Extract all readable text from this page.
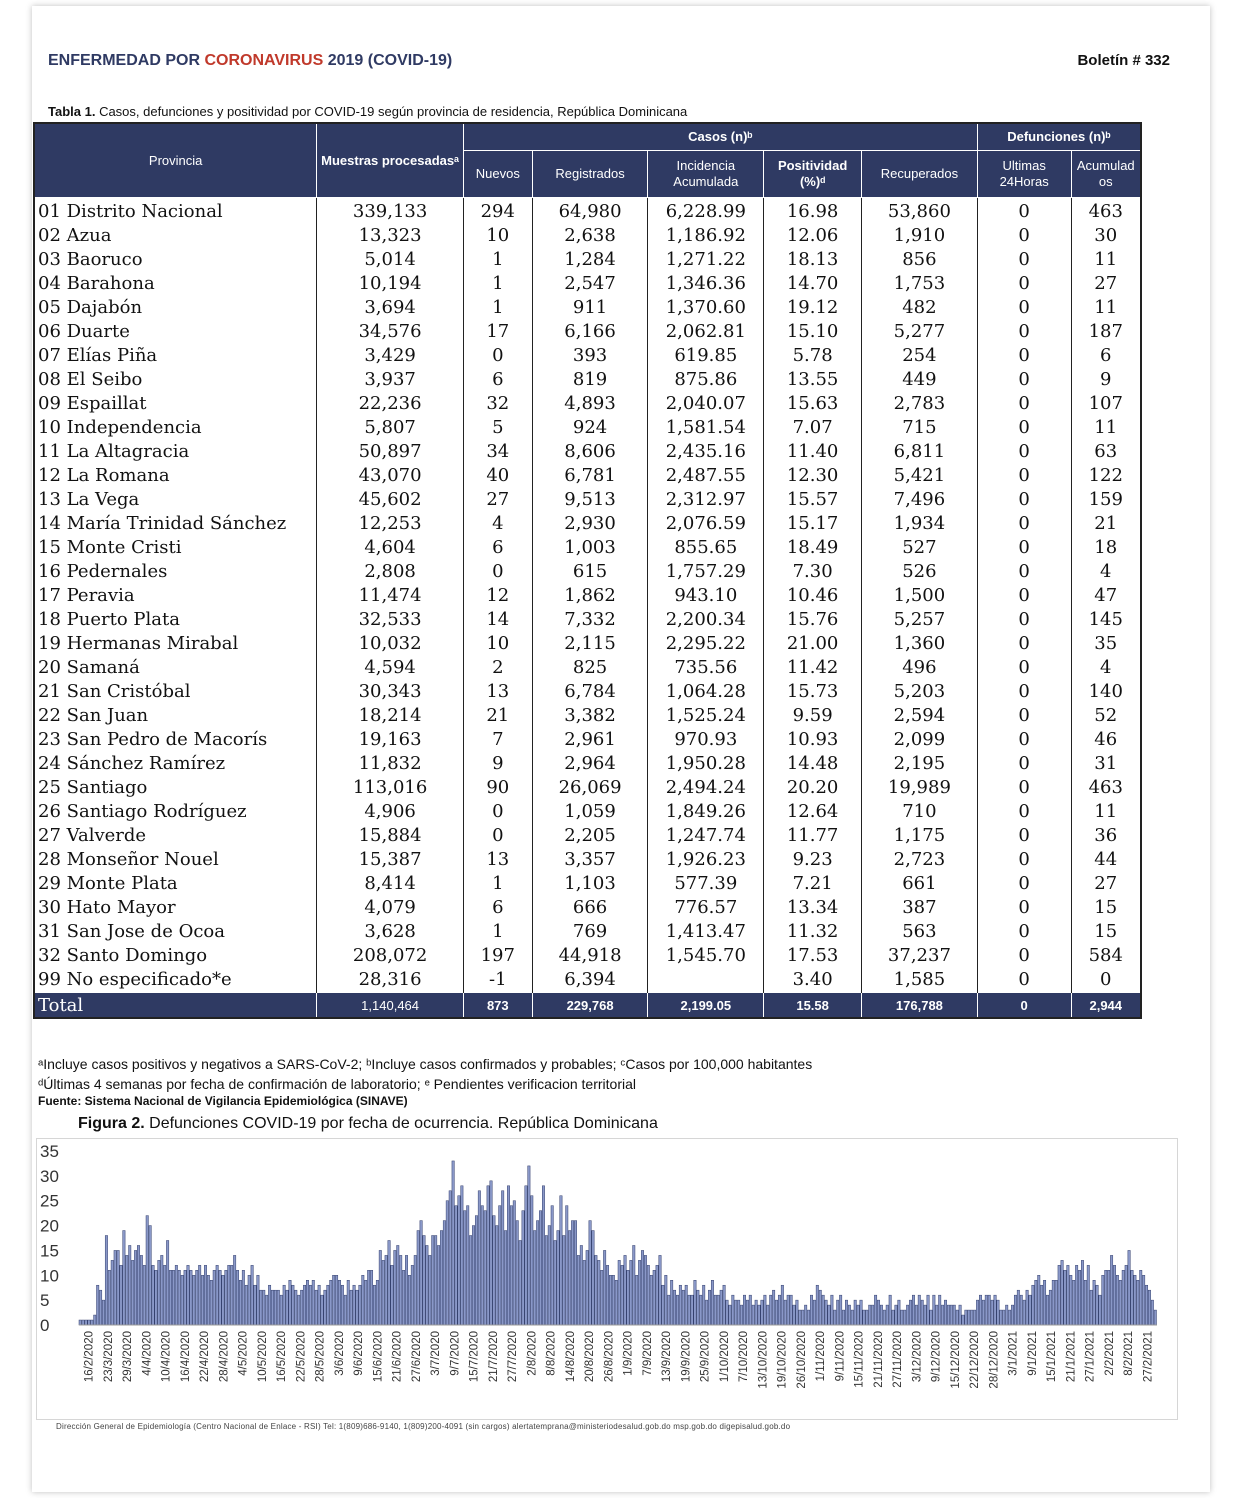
ENFERMEDAD POR CORONAVIRUS 2019 (COVID-19)	Boletín # 332
Tabla 1. Casos, defunciones y positividad por COVID-19 según provincia de residencia, República Dominicana
Provincia	Muestras procesadasᵃ	Casos (n)ᵇ					Defunciones (n)ᵇ	
		Nuevos	Registrados	Incidencia Acumulada	Positividad (%)ᵈ	Recuperados	Ultimas 24Horas	Acumulad os
01 Distrito Nacional	339,133	294	64,980	6,228.99	16.98	53,860	0	463
02 Azua	13,323	10	2,638	1,186.92	12.06	1,910	0	30
03 Baoruco	5,014	1	1,284	1,271.22	18.13	856	0	11
04 Barahona	10,194	1	2,547	1,346.36	14.70	1,753	0	27
05 Dajabón	3,694	1	911	1,370.60	19.12	482	0	11
06 Duarte	34,576	17	6,166	2,062.81	15.10	5,277	0	187
07 Elías Piña	3,429	0	393	619.85	5.78	254	0	6
08 El Seibo	3,937	6	819	875.86	13.55	449	0	9
09 Espaillat	22,236	32	4,893	2,040.07	15.63	2,783	0	107
10 Independencia	5,807	5	924	1,581.54	7.07	715	0	11
11 La Altagracia	50,897	34	8,606	2,435.16	11.40	6,811	0	63
12 La Romana	43,070	40	6,781	2,487.55	12.30	5,421	0	122
13 La Vega	45,602	27	9,513	2,312.97	15.57	7,496	0	159
14 María Trinidad Sánchez	12,253	4	2,930	2,076.59	15.17	1,934	0	21
15 Monte Cristi	4,604	6	1,003	855.65	18.49	527	0	18
16 Pedernales	2,808	0	615	1,757.29	7.30	526	0	4
17 Peravia	11,474	12	1,862	943.10	10.46	1,500	0	47
18 Puerto Plata	32,533	14	7,332	2,200.34	15.76	5,257	0	145
19 Hermanas Mirabal	10,032	10	2,115	2,295.22	21.00	1,360	0	35
20 Samaná	4,594	2	825	735.56	11.42	496	0	4
21 San Cristóbal	30,343	13	6,784	1,064.28	15.73	5,203	0	140
22 San Juan	18,214	21	3,382	1,525.24	9.59	2,594	0	52
23 San Pedro de Macorís	19,163	7	2,961	970.93	10.93	2,099	0	46
24 Sánchez Ramírez	11,832	9	2,964	1,950.28	14.48	2,195	0	31
25 Santiago	113,016	90	26,069	2,494.24	20.20	19,989	0	463
26 Santiago Rodríguez	4,906	0	1,059	1,849.26	12.64	710	0	11
27 Valverde	15,884	0	2,205	1,247.74	11.77	1,175	0	36
28 Monseñor Nouel	15,387	13	3,357	1,926.23	9.23	2,723	0	44
29 Monte Plata	8,414	1	1,103	577.39	7.21	661	0	27
30 Hato Mayor	4,079	6	666	776.57	13.34	387	0	15
31 San Jose de Ocoa	3,628	1	769	1,413.47	11.32	563	0	15
32 Santo Domingo	208,072	197	44,918	1,545.70	17.53	37,237	0	584
99 No especificado*e	28,316	-1	6,394		3.40	1,585	0	0
Total	1,140,464	873	229,768	2,199.05	15.58	176,788	0	2,944
ᵃIncluye casos positivos y negativos a SARS-CoV-2; ᵇIncluye casos confirmados y probables; ᶜCasos por 100,000 habitantes
ᵈÚltimas 4 semanas por fecha de confirmación de laboratorio; ᵉ Pendientes verificacion territorial
Fuente: Sistema Nacional de Vigilancia Epidemiológica (SINAVE)
Figura 2. Defunciones COVID-19 por fecha de ocurrencia. República Dominicana
35
30
25
20
15
10
5
0
16/2/2020 23/3/2020 29/3/2020 4/4/2020 10/4/2020 16/4/2020 22/4/2020 28/4/2020 4/5/2020 10/5/2020 16/5/2020 22/5/2020 28/5/2020 3/6/2020 9/6/2020 15/6/2020 21/6/2020 27/6/2020 3/7/2020 9/7/2020 15/7/2020 21/7/2020 27/7/2020 2/8/2020 8/8/2020 14/8/2020 20/8/2020 26/8/2020 1/9/2020 7/9/2020 13/9/2020 19/9/2020 25/9/2020 1/10/2020 7/10/2020 13/10/2020 19/10/2020 26/10/2020 1/11/2020 9/11/2020 15/11/2020 21/11/2020 27/11/2020 3/12/2020 9/12/2020 15/12/2020 22/12/2020 28/12/2020 3/1/2021 9/1/2021 15/1/2021 21/1/2021 27/1/2021 2/2/2021 8/2/2021 27/2/2021
Dirección General de Epidemiología (Centro Nacional de Enlace - RSI) Tel: 1(809)686-9140, 1(809)200-4091 (sin cargos) alertatemprana@ministeriodesalud.gob.do msp.gob.do digepisalud.gob.do
